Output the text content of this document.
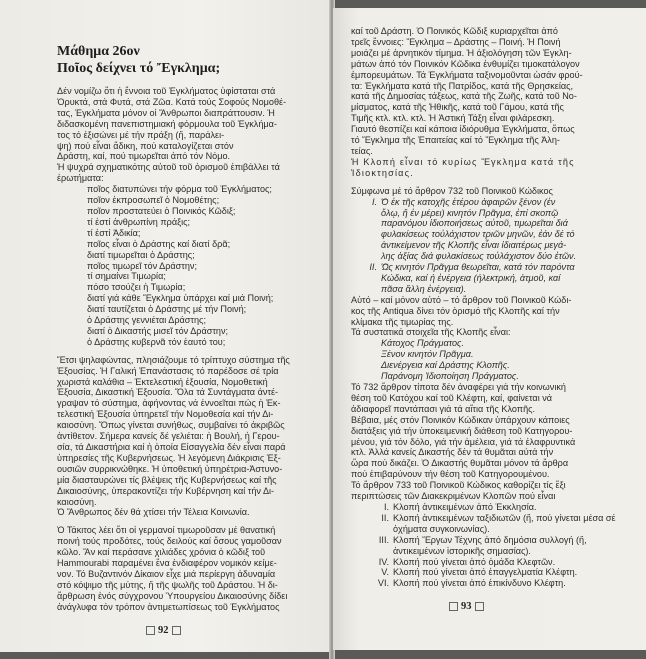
Μάθημα 26ον
Ποῖος δείχνει τό Ἔγκλημα;

Δέν νομίζω ὅτι ἡ ἔννοια τοῦ Ἐγκλήματος ὑφίσταται στά

Ὀρυκτά, στά Φυτά, στά Ζῶα. Κατά τούς Σοφούς Νομοθέ-

τας, Ἐγκλήματα μόνον οἱ Ἄνθρωποι διαπράττουσιν. Ἡ

διδασκομένη πανεπιστημιακή φόρμουλα τοῦ Ἐγκλήμα-

τος τό ἐξισώνει μέ τήν πράξη (ἤ, παράλει-

ψη) πού εἶναι ἄδικη, πού καταλογίζεται στόν

Δράστη, καί, πού τιμωρεῖται ἀπό τόν Νόμο.

Ἡ ψυχρά σχηματικότης αὐτοῦ τοῦ ὁρισμοῦ ἐπιβάλλει τά

ἐρωτήματα:

ποῖος διατυπώνει τήν φόρμα τοῦ Ἐγκλήματος;

ποῖον ἐκπροσωπεῖ ὁ Νομοθέτης;

ποῖον προστατεύει ὁ Ποινικός Κῶδιξ;

τί ἐστί ἀνθρωπίνη πράξις;

τί ἐστί Ἀδικία;

ποῖος εἶναι ὁ Δράστης καί διατί δρᾶ;

διατί τιμωρεῖται ὁ Δράστης;

ποῖος τιμωρεῖ τόν Δράστην;

τί σημαίνει Τιμωρία;

πόσο τσούζει ἡ Τιμωρία;

διατί γιά κάθε Ἔγκλημα ὑπάρχει καί μιά Ποινή;

διατί ταυτίζεται ὁ Δράστης μέ τήν Ποινή;

ὁ Δράστης γεννιέται Δράστης;

διατί ὁ Δικαστής μισεῖ τόν Δράστην;

ὁ Δράστης κυβερνᾶ τόν ἑαυτό του;

Ἔτσι ψηλαφώντας, πλησιάζουμε τό τρίπτυχο σύστημα τῆς

Ἐξουσίας. Ἡ Γαλική Ἐπανάστασις τό παρέδοσε σέ τρία

χωριστά καλάθια – Ἐκτελεστική ἐξουσία, Νομοθετική

Ἐξουσία, Δικαστική Ἐξουσία. Ὅλα τά Συντάγματα ἀντέ-

γραψαν τό σύστημα, ἀφήνοντας νά ἐννοεῖται πώς ἡ Ἐκ-

τελεστική Ἐξουσία ὑπηρετεῖ τήν Νομοθεσία καί τήν Δι-

καιοσύνη. Ὅπως γίνεται συνήθως, συμβαίνει τό ἀκριβῶς

ἀντίθετον. Σήμερα κανείς δέ γελιέται: ἡ Βουλή, ἡ Γερου-

σία, τά Δικαστήρια καί ἡ ὁποία Εἰσαγγελία δέν εἶναι παρά

ὑπηρεσίες τῆς Κυβερνήσεως. Ἡ λεγόμενη Διάκρισις Ἐξ-

ουσιῶν συρρικνώθηκε. Ἡ ὑποθετική ὑπηρέτρια-Ἀστυνο-

μία διασταυρώνει τίς βλέψεις τῆς Κυβερνήσεως καί τῆς

Δικαιοσύνης, ὑπερακοντίζει τήν Κυβέρνηση καί τήν Δι-

καιοσύνη.

Ὁ Ἄνθρωπος δέν θά χτίσει τήν Τέλεια Κοινωνία.

Ὁ Τάκιτος λέει ὅτι οἱ γερμανοί τιμωροῦσαν μέ θανατική

ποινή τούς προδότες, τούς δειλούς καί ὅσους γαμοῦσαν

κῶλο. Ἄν καί περάσανε χιλιάδες χρόνια ὁ κῶδιξ τοῦ

Hammourabi παραμένει ἕνα ἐνδιαφέρον νομικόν κείμε-

νον. Τό Βυζαντινόν Δίκαιον εἶχε μιά περίεργη ἀδυναμία

στό κόψιμο τῆς μύτης, ἤ τῆς ψωλῆς τοῦ Δράστου. Ἡ δι-

ἄρθρωση ἑνός σύγχρονου Ὑπουργείου Δικαιοσύνης δίδει

ἀνάγλυφα τόν τρόπον ἀντιμετωπίσεως τοῦ Ἐγκλήματος

92

καί τοῦ Δράστη. Ὁ Ποινικός Κῶδιξ κυριαρχεῖται ἀπό

τρεῖς ἔννοιες: Ἔγκλημα – Δράστης – Ποινή. Ἡ Ποινή

μοιάζει μέ ἀρνητικόν τίμημα. Ἡ ἀξιολόγηση τῶν Ἐγκλη-

μάτων ἀπό τόν Ποινικόν Κῶδικα ἐνθυμίζει τιμοκατάλογον

ἐμπορευμάτων. Τά Ἐγκλήματα ταξινομοῦνται ὡσάν φρού-

τα: Ἐγκλήματα κατά τῆς Πατρίδος, κατά τῆς Θρησκείας,

κατά τῆς Δημοσίας τάξεως, κατά τῆς Ζωῆς, κατά τοῦ Νο-

μίσματος, κατά τῆς Ἠθικῆς, κατά τοῦ Γάμου, κατά τῆς

Τιμῆς κτλ. κτλ. κτλ. Ἡ Ἀστική Τάξη εἶναι φιλάρεσκη.

Γιαυτό θεσπίζει καί κάποια ἰδιόρυθμα Ἐγκλήματα, ὅπως

τό Ἔγκλημα τῆς Ἐπαιτείας καί τό Ἔγκλημα τῆς Ἀλη-

τείας.

Ἡ Κλοπή εἶναι τό κυρίως Ἔγκλημα κατά τῆς

Ἰδιοκτησίας.

Σύμφωνα μέ τό ἄρθρον 732 τοῦ Ποινικοῦ Κώδικος

I. Ὁ ἐκ τῆς κατοχῆς ἑτέρου ἀφαιρῶν ξένον (ἐν

ὅλῳ, ἤ ἐν μέρει) κινητόν Πρᾶγμα, ἐπί σκοπῷ

παρανόμου ἰδιοποιήσεως αὐτοῦ, τιμωρεῖται διά

φυλακίσεως τοὐλάχιστον τριῶν μηνῶν, ἐάν δέ τό

ἀντικείμενον τῆς Κλοπῆς εἶναι ἰδιαιτέρως μεγά-

λης ἀξίας διά φυλακίσεως τοὐλάχιστον δύο ἐτῶν.

II. Ὡς κινητόν Πρᾶγμα θεωρεῖται, κατά τόν παρόντα

Κώδικα, καί ἡ ἐνέργεια (ἠλεκτρική, ἀτμοῦ, καί

πᾶσα ἄλλη ἐνέργεια).

Αὐτό – καί μόνον αὐτό – τό ἄρθρον τοῦ Ποινικοῦ Κώδι-

κος τῆς Antiqua δίνει τόν ὁρισμό τῆς Κλοπῆς καί τήν

κλίμακα τῆς τιμωρίας της.

Τά συστατικά στοιχεῖα τῆς Κλοπῆς εἶναι:

Κάτοχος Πράγματος.

Ξένον κινητόν Πρᾶγμα.

Διενέργεια καί Δράστης Κλοπῆς.

Παράνομη Ἰδιοποίηση Πράγματος.

Τό 732 ἄρθρον τίποτα δέν ἀναφέρει γιά τήν κοινωνική

θέση τοῦ Κατόχου καί τοῦ Κλέφτη, καί, φαίνεται νά

ἀδιαφορεῖ παντάπασι γιά τά αἴτια τῆς Κλοπῆς.

Βέβαια, μές στόν Ποινικόν Κώδικαν ὑπάρχουν κάποιες

διατάξεις γιά τήν ὑποκειμενική διάθεση τοῦ Κατηγορου-

μένου, γιά τόν δόλο, γιά τήν ἀμέλεια, γιά τά ἐλαφρυντικά

κτλ. Ἀλλά κανείς Δικαστής δέν τά θυμᾶται αὐτά τήν

ὥρα πού δικάζει. Ὁ Δικαστής θυμᾶται μόνον τά ἄρθρα

πού ἐπιβαρύνουν τήν θέση τοῦ Κατηγορουμένου.

Τό ἄρθρον 733 τοῦ Ποινικοῦ Κώδικος καθορίζει τίς ἕξι

περιπτώσεις τῶν Διακεκριμένων Κλοπῶν πού εἶναι

I. Κλοπή ἀντικειμένων ἀπό Ἐκκλησία.

II. Κλοπή ἀντικειμένων ταξιδιωτῶν (ἤ, πού γίνεται μέσα σέ ὀχήματα συγκοινωνίας).

III. Κλοπή Ἔργων Τέχνης ἀπό δημόσια συλλογή (ἤ, ἀντικειμένων ἱστορικῆς σημασίας).

IV. Κλοπή πού γίνεται ἀπό ὁμάδα Κλεφτῶν.

V. Κλοπή πού γίνεται ἀπό ἐπαγγελματία Κλέφτη.

VI. Κλοπή πού γίνεται ἀπό ἐπικίνδυνο Κλέφτη.

93
